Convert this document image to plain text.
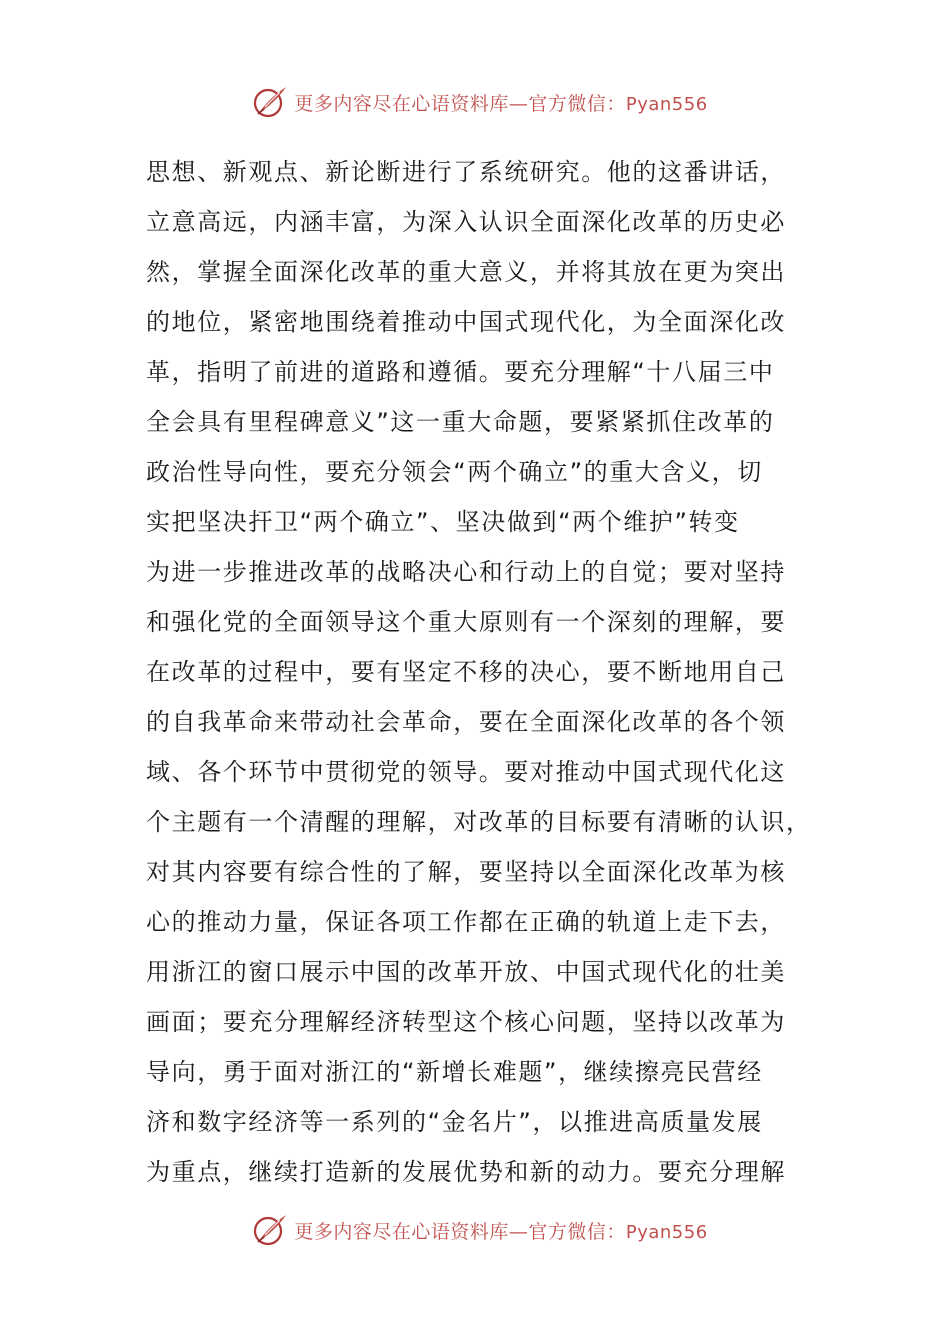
更多内容尽在心语资料库—官方微信：Pyan556
思想、新观点、新论断进行了系统研究。他的这番讲话，
立意高远，内涵丰富，为深入认识全面深化改革的历史必
然，掌握全面深化改革的重大意义，并将其放在更为突出
的地位，紧密地围绕着推动中国式现代化，为全面深化改
革，指明了前进的道路和遵循。要充分理解“十八届三中
全会具有里程碑意义”这一重大命题，要紧紧抓住改革的
政治性导向性，要充分领会“两个确立”的重大含义，切
实把坚决扞卫“两个确立”、坚决做到“两个维护”转变
为进一步推进改革的战略决心和行动上的自觉；要对坚持
和强化党的全面领导这个重大原则有一个深刻的理解，要
在改革的过程中，要有坚定不移的决心，要不断地用自己
的自我革命来带动社会革命，要在全面深化改革的各个领
域、各个环节中贯彻党的领导。要对推动中国式现代化这
个主题有一个清醒的理解，对改革的目标要有清晰的认识，
对其内容要有综合性的了解，要坚持以全面深化改革为核
心的推动力量，保证各项工作都在正确的轨道上走下去，
用浙江的窗口展示中国的改革开放、中国式现代化的壮美
画面；要充分理解经济转型这个核心问题，坚持以改革为
导向，勇于面对浙江的“新增长难题”，继续擦亮民营经
济和数字经济等一系列的“金名片”，以推进高质量发展
为重点，继续打造新的发展优势和新的动力。要充分理解
更多内容尽在心语资料库—官方微信：Pyan556
